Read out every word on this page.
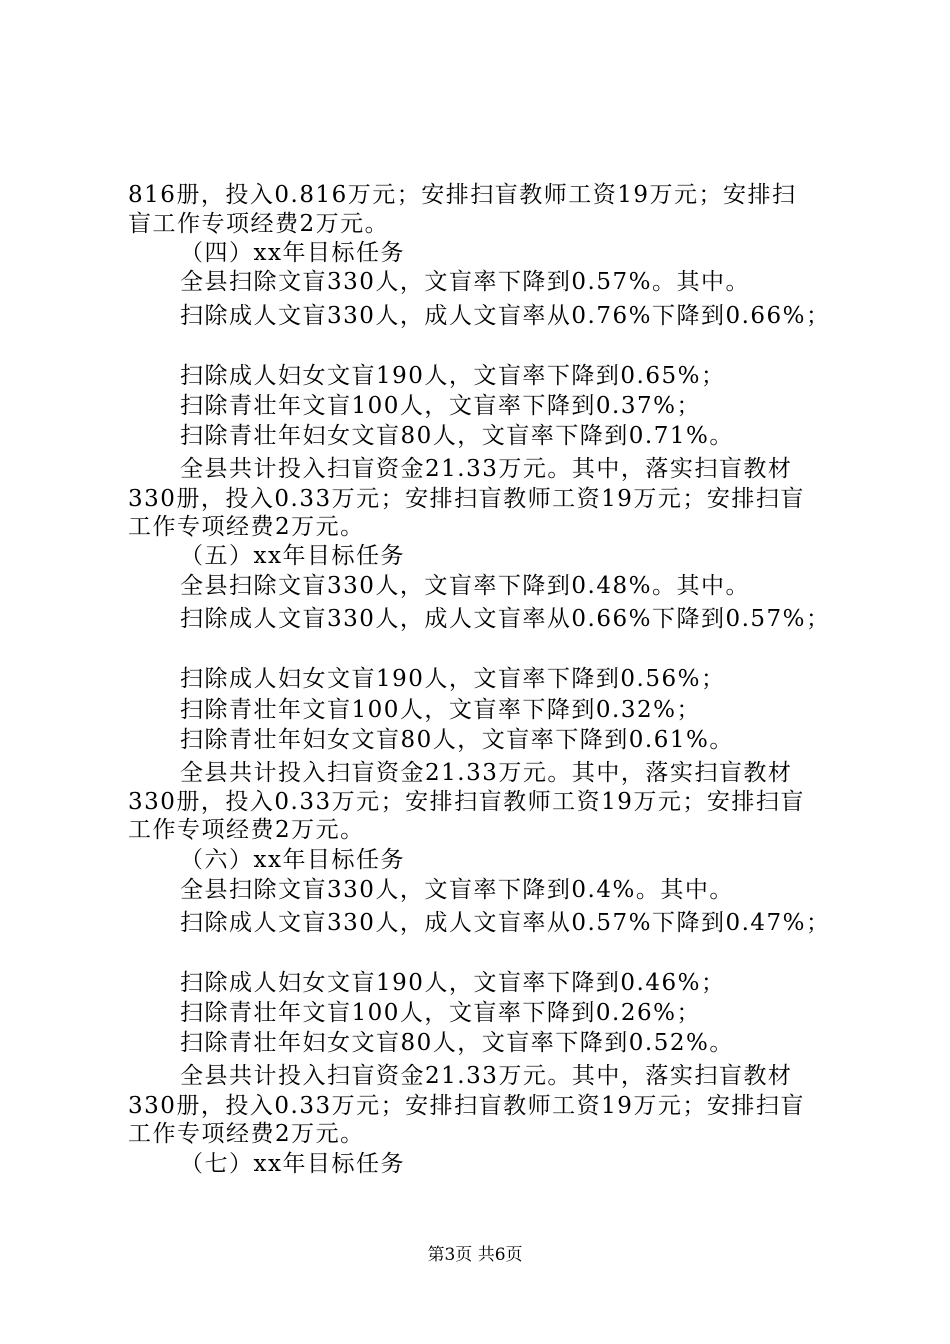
816册，投入0.816万元；安排扫盲教师工资19万元；安排扫
盲工作专项经费2万元。
（四）xx年目标任务
全县扫除文盲330人，文盲率下降到0.57%。其中。
扫除成人文盲330人，成人文盲率从0.76%下降到0.66%；
扫除成人妇女文盲190人，文盲率下降到0.65%；
扫除青壮年文盲100人，文盲率下降到0.37%；
扫除青壮年妇女文盲80人，文盲率下降到0.71%。
全县共计投入扫盲资金21.33万元。其中，落实扫盲教材
330册，投入0.33万元；安排扫盲教师工资19万元；安排扫盲
工作专项经费2万元。
（五）xx年目标任务
全县扫除文盲330人，文盲率下降到0.48%。其中。
扫除成人文盲330人，成人文盲率从0.66%下降到0.57%；
扫除成人妇女文盲190人，文盲率下降到0.56%；
扫除青壮年文盲100人，文盲率下降到0.32%；
扫除青壮年妇女文盲80人，文盲率下降到0.61%。
全县共计投入扫盲资金21.33万元。其中，落实扫盲教材
330册，投入0.33万元；安排扫盲教师工资19万元；安排扫盲
工作专项经费2万元。
（六）xx年目标任务
全县扫除文盲330人，文盲率下降到0.4%。其中。
扫除成人文盲330人，成人文盲率从0.57%下降到0.47%；
扫除成人妇女文盲190人，文盲率下降到0.46%；
扫除青壮年文盲100人，文盲率下降到0.26%；
扫除青壮年妇女文盲80人，文盲率下降到0.52%。
全县共计投入扫盲资金21.33万元。其中，落实扫盲教材
330册，投入0.33万元；安排扫盲教师工资19万元；安排扫盲
工作专项经费2万元。
（七）xx年目标任务
第3页 共6页
